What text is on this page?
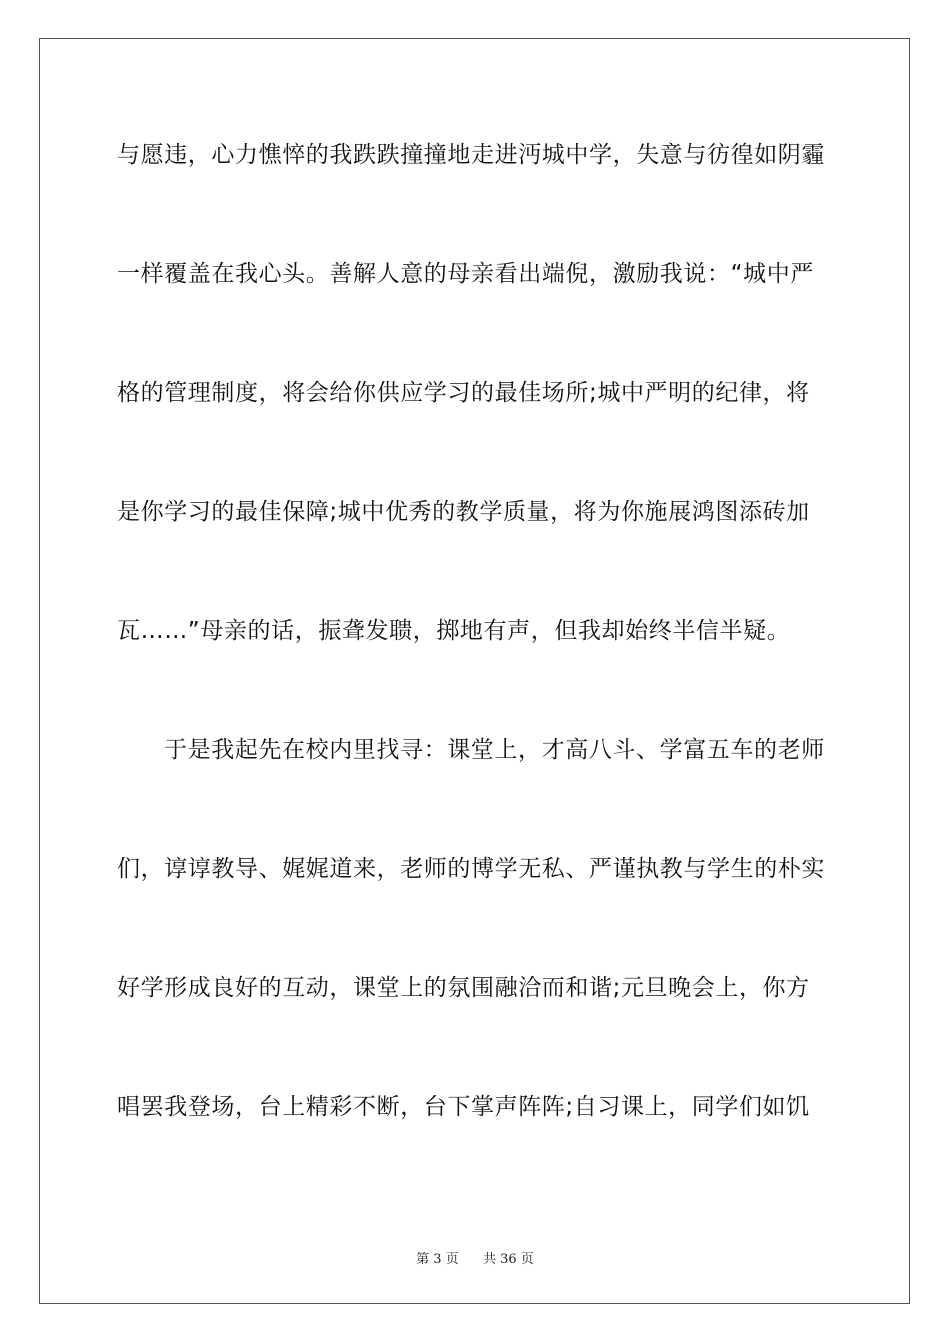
与愿违，心力憔悴的我跌跌撞撞地走进沔城中学，失意与彷徨如阴霾
一样覆盖在我心头。善解人意的母亲看出端倪，激励我说：“城中严
格的管理制度，将会给你供应学习的最佳场所;城中严明的纪律，将
是你学习的最佳保障;城中优秀的教学质量，将为你施展鸿图添砖加
瓦……”母亲的话，振聋发聩，掷地有声，但我却始终半信半疑。
于是我起先在校内里找寻：课堂上，才高八斗、学富五车的老师
们，谆谆教导、娓娓道来，老师的博学无私、严谨执教与学生的朴实
好学形成良好的互动，课堂上的氛围融洽而和谐;元旦晚会上，你方
唱罢我登场，台上精彩不断，台下掌声阵阵;自习课上，同学们如饥
第 3 页 共 36 页
